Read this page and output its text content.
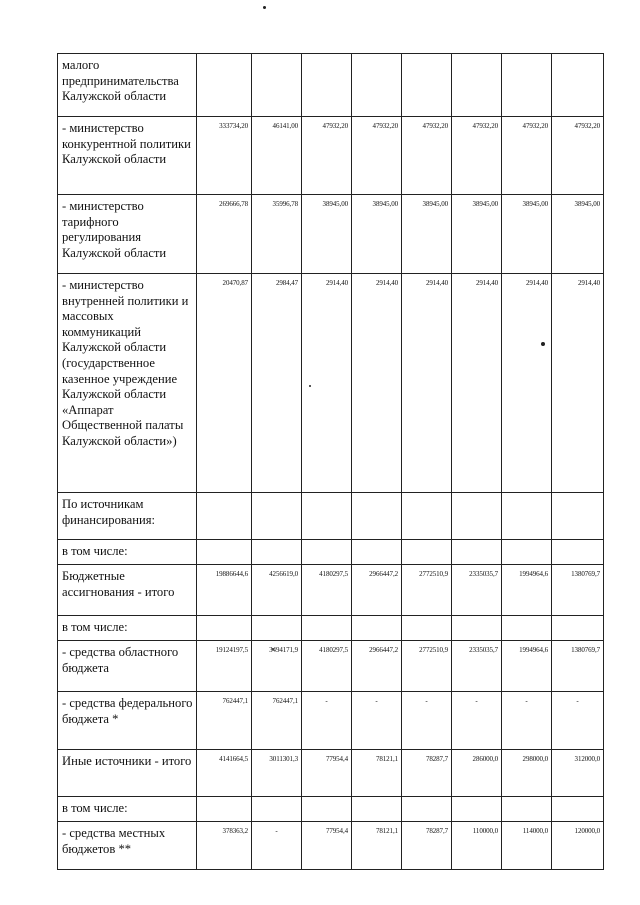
малого предпринимательства Калужской области								
- министерство конкурентной политики Калужской области	333734,20	46141,00	47932,20	47932,20	47932,20	47932,20	47932,20	47932,20
- министерство тарифного регулирования Калужской области	269666,78	35996,78	38945,00	38945,00	38945,00	38945,00	38945,00	38945,00
- министерство внутренней политики и массовых коммуникаций Калужской области (государственное казенное учреждение Калужской области «Аппарат Общественной палаты Калужской области»)	20470,87	2984,47	2914,40	2914,40	2914,40	2914,40	2914,40	2914,40
По источникам финансирования:								
в том числе:								
Бюджетные ассигнования - итого	19886644,6	4256619,0	4180297,5	2966447,2	2772510,9	2335035,7	1994964,6	1380769,7
в том числе:								
- средства областного бюджета	19124197,5	3494171,9	4180297,5	2966447,2	2772510,9	2335035,7	1994964,6	1380769,7
- средства федерального бюджета *	762447,1	762447,1	-	-	-	-	-	-
Иные источники - итого	4141664,5	3011301,3	77954,4	78121,1	78287,7	286000,0	298000,0	312000,0
в том числе:								
- средства местных бюджетов **	378363,2	-	77954,4	78121,1	78287,7	110000,0	114000,0	120000,0
